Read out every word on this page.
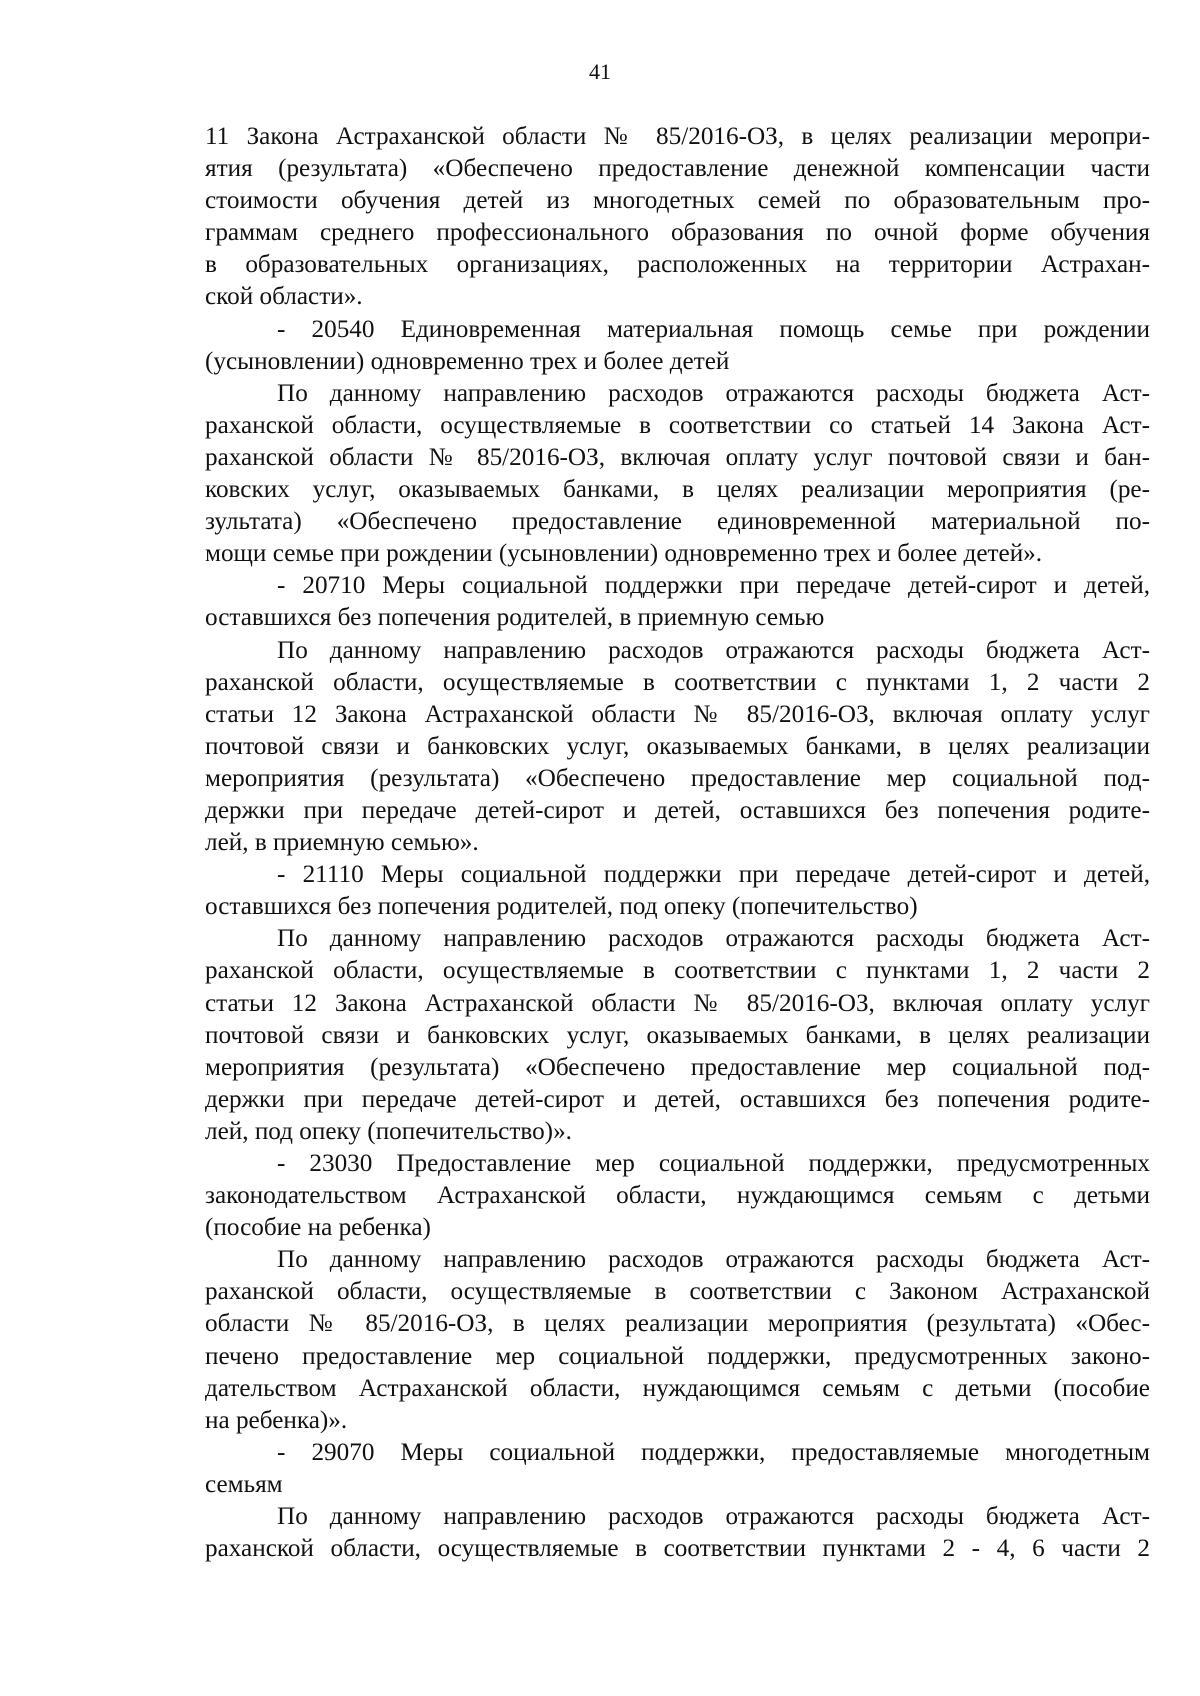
41
11 Закона Астраханской области № 85/2016-ОЗ, в целях реализации меропри-
ятия (результата) «Обеспечено предоставление денежной компенсации части
стоимости обучения детей из многодетных семей по образовательным про-
граммам среднего профессионального образования по очной форме обучения
в образовательных организациях, расположенных на территории Астрахан-
ской области».
- 20540 Единовременная материальная помощь семье при рождении
(усыновлении) одновременно трех и более детей
По данному направлению расходов отражаются расходы бюджета Аст-
раханской области, осуществляемые в соответствии со статьей 14 Закона Аст-
раханской области № 85/2016-ОЗ, включая оплату услуг почтовой связи и бан-
ковских услуг, оказываемых банками, в целях реализации мероприятия (ре-
зультата) «Обеспечено предоставление единовременной материальной по-
мощи семье при рождении (усыновлении) одновременно трех и более детей».
- 20710 Меры социальной поддержки при передаче детей-сирот и детей,
оставшихся без попечения родителей, в приемную семью
По данному направлению расходов отражаются расходы бюджета Аст-
раханской области, осуществляемые в соответствии с пунктами 1, 2 части 2
статьи 12 Закона Астраханской области № 85/2016-ОЗ, включая оплату услуг
почтовой связи и банковских услуг, оказываемых банками, в целях реализации
мероприятия (результата) «Обеспечено предоставление мер социальной под-
держки при передаче детей-сирот и детей, оставшихся без попечения родите-
лей, в приемную семью».
- 21110 Меры социальной поддержки при передаче детей-сирот и детей,
оставшихся без попечения родителей, под опеку (попечительство)
По данному направлению расходов отражаются расходы бюджета Аст-
раханской области, осуществляемые в соответствии с пунктами 1, 2 части 2
статьи 12 Закона Астраханской области № 85/2016-ОЗ, включая оплату услуг
почтовой связи и банковских услуг, оказываемых банками, в целях реализации
мероприятия (результата) «Обеспечено предоставление мер социальной под-
держки при передаче детей-сирот и детей, оставшихся без попечения родите-
лей, под опеку (попечительство)».
- 23030 Предоставление мер социальной поддержки, предусмотренных
законодательством Астраханской области, нуждающимся семьям с детьми
(пособие на ребенка)
По данному направлению расходов отражаются расходы бюджета Аст-
раханской области, осуществляемые в соответствии с Законом Астраханской
области № 85/2016-ОЗ, в целях реализации мероприятия (результата) «Обес-
печено предоставление мер социальной поддержки, предусмотренных законо-
дательством Астраханской области, нуждающимся семьям с детьми (пособие
на ребенка)».
- 29070 Меры социальной поддержки, предоставляемые многодетным
семьям
По данному направлению расходов отражаются расходы бюджета Аст-
раханской области, осуществляемые в соответствии пунктами 2 - 4, 6 части 2
